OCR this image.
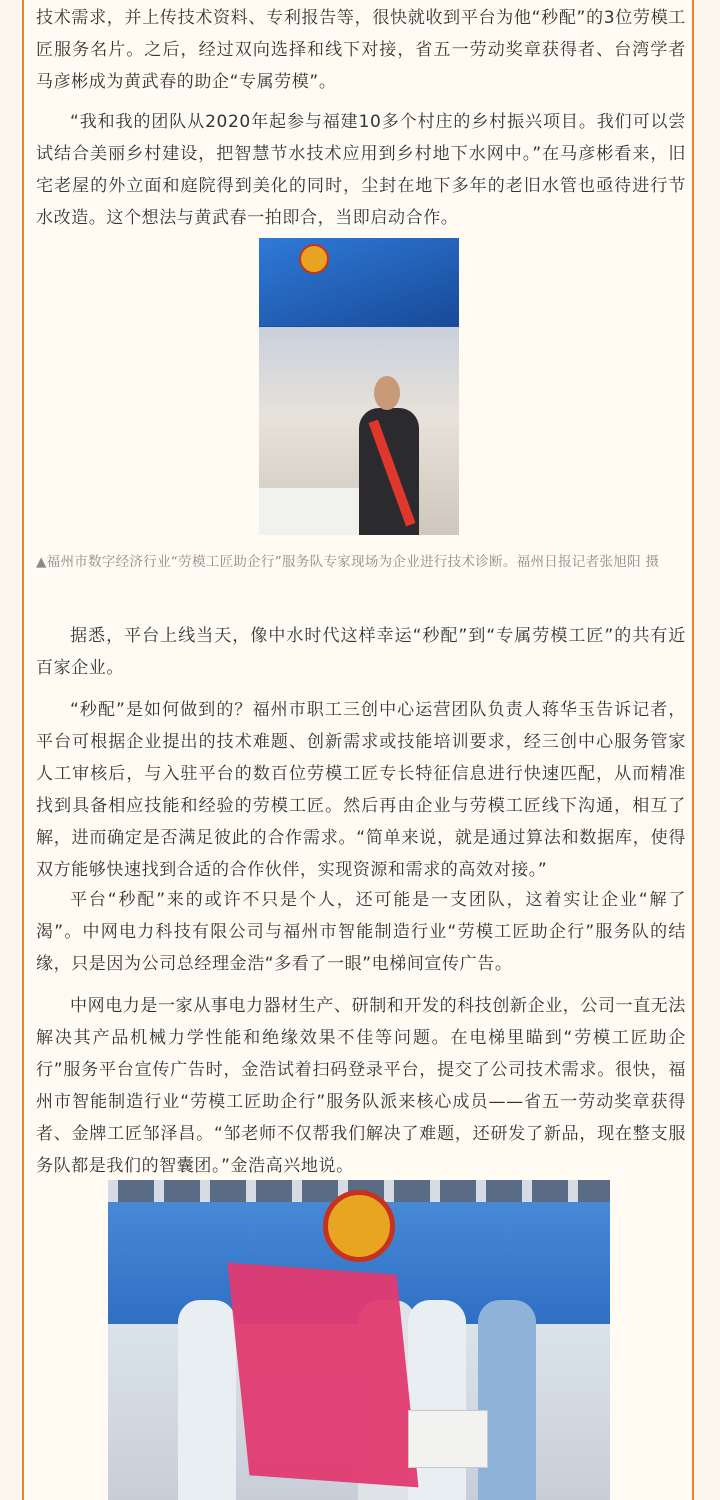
技术需求，并上传技术资料、专利报告等，很快就收到平台为他“秒配”的3位劳模工匠服务名片。之后，经过双向选择和线下对接，省五一劳动奖章获得者、台湾学者马彦彬成为黄武春的助企“专属劳模”。

“我和我的团队从2020年起参与福建10多个村庄的乡村振兴项目。我们可以尝试结合美丽乡村建设，把智慧节水技术应用到乡村地下水网中。”在马彦彬看来，旧宅老屋的外立面和庭院得到美化的同时，尘封在地下多年的老旧水管也亟待进行节水改造。这个想法与黄武春一拍即合，当即启动合作。

据悉，平台上线当天，像中水时代这样幸运“秒配”到“专属劳模工匠”的共有近百家企业。

“秒配”是如何做到的？福州市职工三创中心运营团队负责人蒋华玉告诉记者，平台可根据企业提出的技术难题、创新需求或技能培训要求，经三创中心服务管家人工审核后，与入驻平台的数百位劳模工匠专长特征信息进行快速匹配，从而精准找到具备相应技能和经验的劳模工匠。然后再由企业与劳模工匠线下沟通，相互了解，进而确定是否满足彼此的合作需求。“简单来说，就是通过算法和数据库，使得双方能够快速找到合适的合作伙伴，实现资源和需求的高效对接。”

平台“秒配”来的或许不只是个人，还可能是一支团队，这着实让企业“解了渴”。中网电力科技有限公司与福州市智能制造行业“劳模工匠助企行”服务队的结缘，只是因为公司总经理金浩“多看了一眼”电梯间宣传广告。

中网电力是一家从事电力器材生产、研制和开发的科技创新企业，公司一直无法解决其产品机械力学性能和绝缘效果不佳等问题。在电梯里瞄到“劳模工匠助企行”服务平台宣传广告时，金浩试着扫码登录平台，提交了公司技术需求。很快，福州市智能制造行业“劳模工匠助企行”服务队派来核心成员——省五一劳动奖章获得者、金牌工匠邹泽昌。“邹老师不仅帮我们解决了难题，还研发了新品，现在整支服务队都是我们的智囊团。”金浩高兴地说。

▲福州市数字经济行业“劳模工匠助企行”服务队专家现场为企业进行技术诊断。福州日报记者张旭阳 摄
